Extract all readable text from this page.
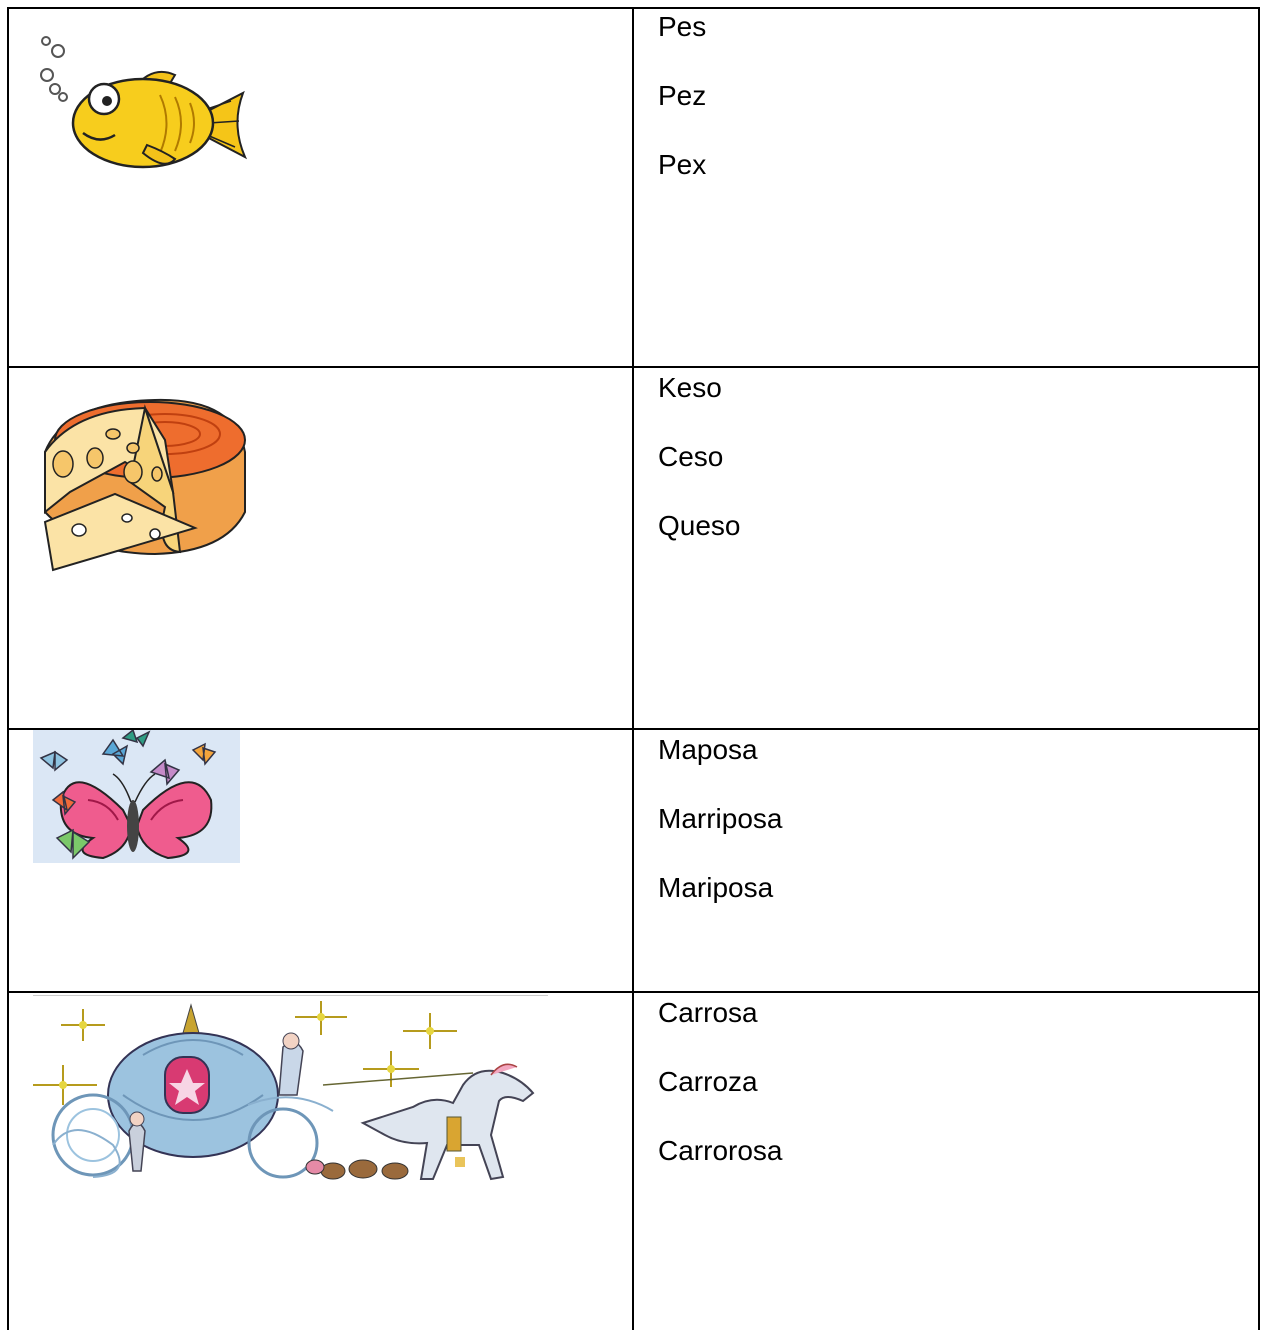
Pes
Pez
Pex
Keso
Ceso
Queso
Maposa
Marriposa
Mariposa
Carrosa
Carroza
Carrorosa
